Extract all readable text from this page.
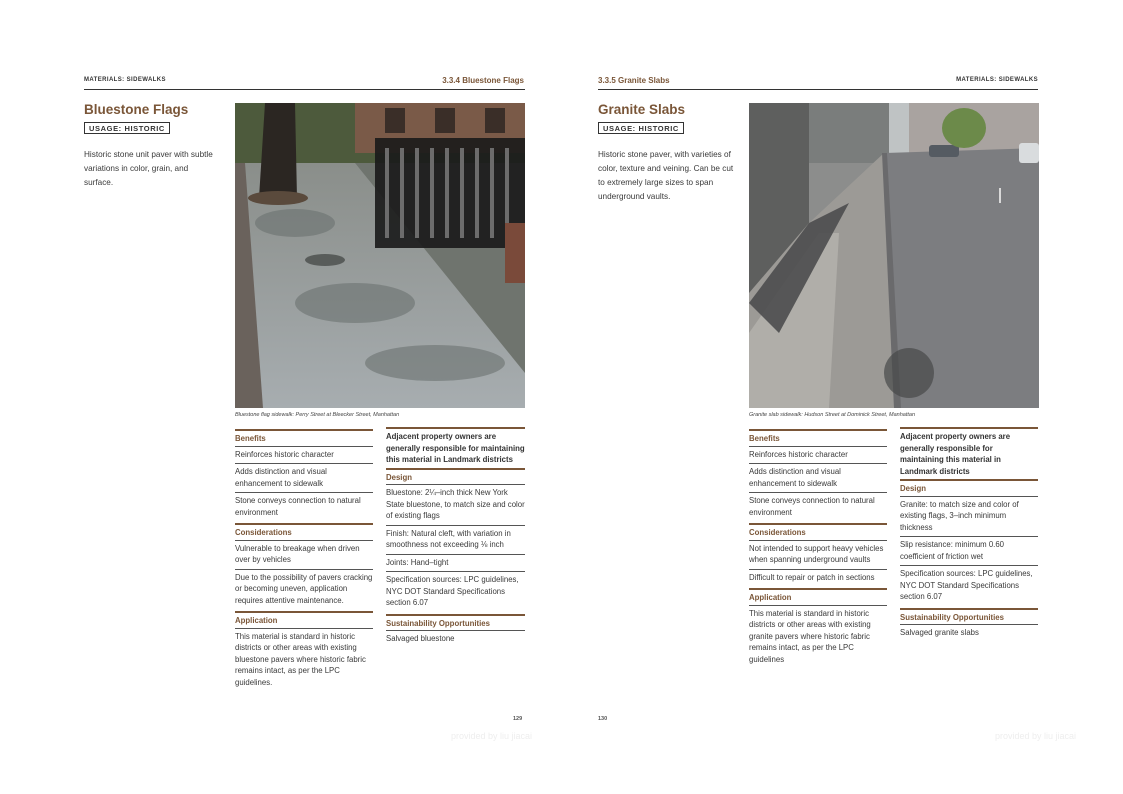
MATERIALS: SIDEWALKS	3.3.4 Bluestone Flags
Bluestone Flags
USAGE: HISTORIC
Historic stone unit paver with subtle variations in color, grain, and surface.
Bluestone flag sidewalk: Perry Street at Bleecker Street, Manhattan
Benefits
Reinforces historic character
Adds distinction and visual enhancement to sidewalk
Stone conveys connection to natural environment
Considerations
Vulnerable to breakage when driven over by vehicles
Due to the possibility of pavers cracking or becoming uneven, application requires attentive maintenance.
Application
This material is standard in historic districts or other areas with existing bluestone pavers where historic fabric remains intact, as per the LPC guidelines.
Adjacent property owners are generally responsible for maintaining this material in Landmark districts
Design
Bluestone: 2¼–inch thick New York State bluestone, to match size and color of existing flags
Finish: Natural cleft, with variation in smoothness not exceeding ⅛ inch
Joints: Hand–tight
Specification sources: LPC guidelines, NYC DOT Standard Specifications section 6.07
Sustainability Opportunities
Salvaged bluestone
129
provided by liu jiacai
3.3.5 Granite Slabs	MATERIALS: SIDEWALKS
Granite Slabs
USAGE: HISTORIC
Historic stone paver, with varieties of color, texture and veining. Can be cut to extremely large sizes to span underground vaults.
Granite slab sidewalk: Hudson Street at Dominick Street, Manhattan
Benefits
Reinforces historic character
Adds distinction and visual enhancement to sidewalk
Stone conveys connection to natural environment
Considerations
Not intended to support heavy vehicles when spanning underground vaults
Difficult to repair or patch in sections
Application
This material is standard in historic districts or other areas with existing granite pavers where historic fabric remains intact, as per the LPC guidelines
Adjacent property owners are generally responsible for maintaining this material in Landmark districts
Design
Granite: to match size and color of existing flags, 3–inch minimum thickness
Slip resistance: minimum 0.60 coefficient of friction wet
Specification sources: LPC guidelines, NYC DOT Standard Specifications section 6.07
Sustainability Opportunities
Salvaged granite slabs
130
provided by liu jiacai
